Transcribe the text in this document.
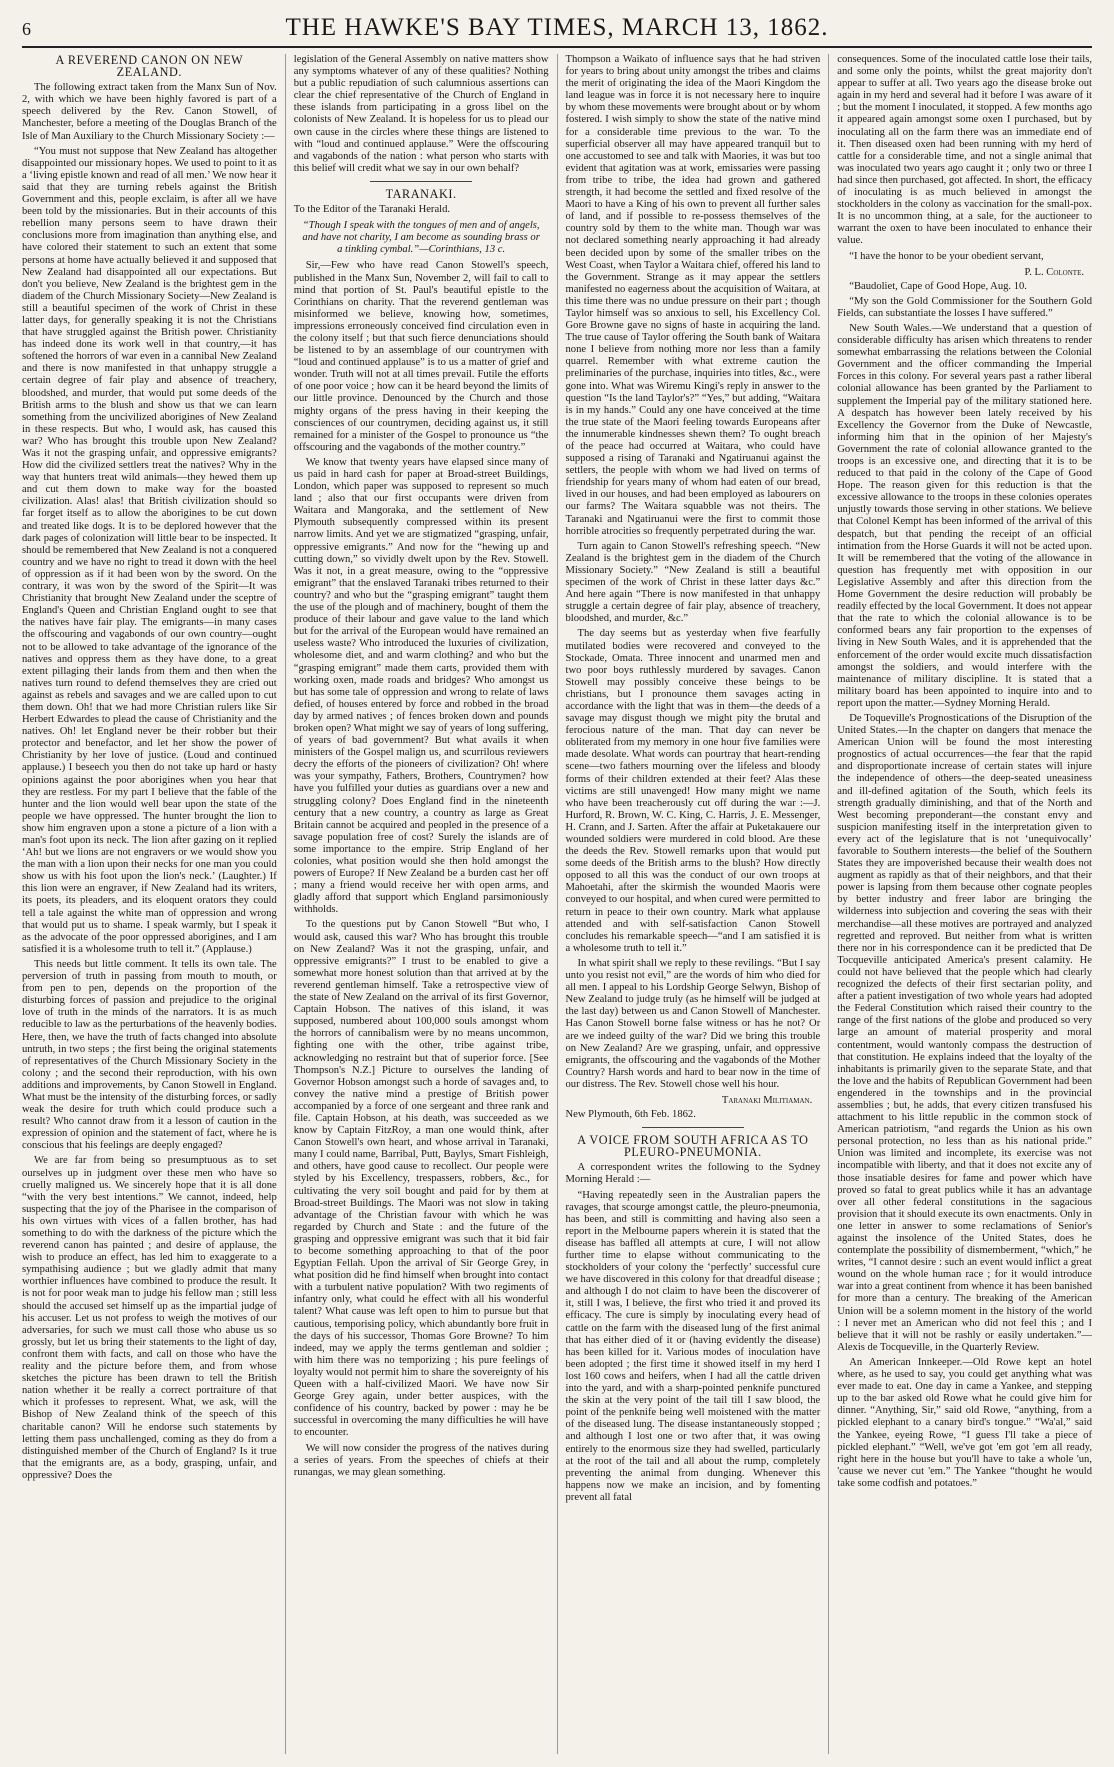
6	THE HAWKE'S BAY TIMES, MARCH 13, 1862.
A REVEREND CANON ON NEW ZEALAND.

The following extract taken from the Manx Sun of Nov. 2, with which we have been highly favored is part of a speech delivered by the Rev. Canon Stowell, of Manchester, before a meeting of the Douglas Branch of the Isle of Man Auxiliary to the Church Missionary Society :—

“You must not suppose that New Zealand has altogether disappointed our missionary hopes. We used to point to it as a ‘living epistle known and read of all men.’ We now hear it said that they are turning rebels against the British Government and this, people exclaim, is after all we have been told by the missionaries. But in their accounts of this rebellion many persons seem to have drawn their conclusions more from imagination than anything else, and have colored their statement to such an extent that some persons at home have actually believed it and supposed that New Zealand had disappointed all our expectations. But don't you believe, New Zealand is the brightest gem in the diadem of the Church Missionary Society—New Zealand is still a beautiful specimen of the work of Christ in these latter days, for generally speaking it is not the Christians that have struggled against the British power. Christianity has indeed done its work well in that country,—it has softened the horrors of war even in a cannibal New Zealand and there is now manifested in that unhappy struggle a certain degree of fair play and absence of treachery, bloodshed, and murder, that would put some deeds of the British arms to the blush and show us that we can learn something from the uncivilized aborigines of New Zealand in these respects. But who, I would ask, has caused this war? Who has brought this trouble upon New Zealand? Was it not the grasping unfair, and oppressive emigrants? How did the civilized settlers treat the natives? Why in the way that hunters treat wild animals—they hewed them up and cut them down to make way for the boasted civilization. Alas! alas! that British civilization should so far forget itself as to allow the aborigines to be cut down and treated like dogs. It is to be deplored however that the dark pages of colonization will little bear to be inspected. It should be remembered that New Zealand is not a conquered country and we have no right to tread it down with the heel of oppression as if it had been won by the sword. On the contrary, it was won by the sword of the Spirit—It was Christianity that brought New Zealand under the sceptre of England's Queen and Christian England ought to see that the natives have fair play. The emigrants—in many cases the offscouring and vagabonds of our own country—ought not to be allowed to take advantage of the ignorance of the natives and oppress them as they have done, to a great extent pillaging their lands from them and then when the natives turn round to defend themselves they are cried out against as rebels and savages and we are called upon to cut them down. Oh! that we had more Christian rulers like Sir Herbert Edwardes to plead the cause of Christianity and the natives. Oh! let England never be their robber but their protector and benefactor, and let her show the power of Christianity by her love of justice. (Loud and continued applause.) I beseech you then do not take up hard or hasty opinions against the poor aborigines when you hear that they are restless. For my part I believe that the fable of the hunter and the lion would well bear upon the state of the people we have oppressed. The hunter brought the lion to show him engraven upon a stone a picture of a lion with a man's foot upon its neck. The lion after gazing on it replied ‘Ah! but we lions are not engravers or we would show you the man with a lion upon their necks for one man you could show us with his foot upon the lion's neck.’ (Laughter.) If this lion were an engraver, if New Zealand had its writers, its poets, its pleaders, and its eloquent orators they could tell a tale against the white man of oppression and wrong that would put us to shame. I speak warmly, but I speak it as the advocate of the poor oppressed aborigines, and I am satisfied it is a wholesome truth to tell it.” (Applause.)

This needs but little comment. It tells its own tale. The perversion of truth in passing from mouth to mouth, or from pen to pen, depends on the proportion of the disturbing forces of passion and prejudice to the original love of truth in the minds of the narrators. It is as much reducible to law as the perturbations of the heavenly bodies. Here, then, we have the truth of facts changed into absolute untruth, in two steps ; the first being the original statements of representatives of the Church Missionary Society in the colony ; and the second their reproduction, with his own additions and improvements, by Canon Stowell in England. What must be the intensity of the disturbing forces, or sadly weak the desire for truth which could produce such a result? Who cannot draw from it a lesson of caution in the expression of opinion and the statement of fact, where he is conscious that his feelings are deeply engaged?

We are far from being so presumptuous as to set ourselves up in judgment over these men who have so cruelly maligned us. We sincerely hope that it is all done “with the very best intentions.” We cannot, indeed, help suspecting that the joy of the Pharisee in the comparison of his own virtues with vices of a fallen brother, has had something to do with the darkness of the picture which the reverend canon has painted ; and desire of applause, the wish to produce an effect, has led him to exaggerate to a sympathising audience ; but we gladly admit that many worthier influences have combined to produce the result. It is not for poor weak man to judge his fellow man ; still less should the accused set himself up as the impartial judge of his accuser. Let us not profess to weigh the motives of our adversaries, for such we must call those who abuse us so grossly, but let us bring their statements to the light of day, confront them with facts, and call on those who have the reality and the picture before them, and from whose sketches the picture has been drawn to tell the British nation whether it be really a correct portraiture of that which it professes to represent. What, we ask, will the Bishop of New Zealand think of the speech of this charitable canon? Will he endorse such statements by letting them pass unchallenged, coming as they do from a distinguished member of the Church of England? Is it true that the emigrants are, as a body, grasping, unfair, and oppressive? Does the

legislation of the General Assembly on native matters show any symptoms whatever of any of these qualities? Nothing but a public repudiation of such calumnious assertions can clear the chief representative of the Church of England in these islands from participating in a gross libel on the colonists of New Zealand. It is hopeless for us to plead our own cause in the circles where these things are listened to with “loud and continued applause.” Were the offscouring and vagabonds of the nation : what person who starts with this belief will credit what we say in our own behalf?

TARANAKI.
To the Editor of the Taranaki Herald.
“Though I speak with the tongues of men and of angels, and have not charity, I am become as sounding brass or a tinkling cymbal.”—Corinthians, 13 c.

Sir,—Few who have read Canon Stowell's speech, published in the Manx Sun, November 2, will fail to call to mind that portion of St. Paul's beautiful epistle to the Corinthians on charity. That the reverend gentleman was misinformed we believe, knowing how, sometimes, impressions erroneously conceived find circulation even in the colony itself ; but that such fierce denunciations should be listened to by an assemblage of our countrymen with “loud and continued applause” is to us a matter of grief and wonder. Truth will not at all times prevail. Futile the efforts of one poor voice ; how can it be heard beyond the limits of our little province. Denounced by the Church and those mighty organs of the press having in their keeping the consciences of our countrymen, deciding against us, it still remained for a minister of the Gospel to pronounce us “the offscouring and the vagabonds of the mother country.”

We know that twenty years have elapsed since many of us paid in hard cash for paper at Broad-street Buildings, London, which paper was supposed to represent so much land ; also that our first occupants were driven from Waitara and Mangoraka, and the settlement of New Plymouth subsequently compressed within its present narrow limits. And yet we are stigmatized “grasping, unfair, oppressive emigrants.” And now for the “hewing up and cutting down,” so vividly dwelt upon by the Rev. Stowell. Was it not, in a great measure, owing to the “oppressive emigrant” that the enslaved Taranaki tribes returned to their country? and who but the “grasping emigrant” taught them the use of the plough and of machinery, bought of them the produce of their labour and gave value to the land which but for the arrival of the European would have remained an useless waste? Who introduced the luxuries of civilization, wholesome diet, and and warm clothing? and who but the “grasping emigrant” made them carts, provided them with working oxen, made roads and bridges? Who amongst us but has some tale of oppression and wrong to relate of laws defied, of houses entered by force and robbed in the broad day by armed natives ; of fences broken down and pounds broken open? What might we say of years of long suffering, of years of bad government? But what avails it when ministers of the Gospel malign us, and scurrilous reviewers decry the efforts of the pioneers of civilization? Oh! where was your sympathy, Fathers, Brothers, Countrymen? how have you fulfilled your duties as guardians over a new and struggling colony? Does England find in the nineteenth century that a new country, a country as large as Great Britain cannot be acquired and peopled in the presence of a savage population free of cost? Surely the islands are of some importance to the empire. Strip England of her colonies, what position would she then hold amongst the powers of Europe? If New Zealand be a burden cast her off ; many a friend would receive her with open arms, and gladly afford that support which England parsimoniously withholds.

To the questions put by Canon Stowell “But who, I would ask, caused this war? Who has brought this trouble on New Zealand? Was it not the grasping, unfair, and oppressive emigrants?” I trust to be enabled to give a somewhat more honest solution than that arrived at by the reverend gentleman himself. Take a retrospective view of the state of New Zealand on the arrival of its first Governor, Captain Hobson. The natives of this island, it was supposed, numbered about 100,000 souls amongst whom the horrors of cannibalism were by no means uncommon, fighting one with the other, tribe against tribe, acknowledging no restraint but that of superior force. [See Thompson's N.Z.] Picture to ourselves the landing of Governor Hobson amongst such a horde of savages and, to convey the native mind a prestige of British power accompanied by a force of one sergeant and three rank and file. Captain Hobson, at his death, was succeeded as we know by Captain FitzRoy, a man one would think, after Canon Stowell's own heart, and whose arrival in Taranaki, many I could name, Barribal, Putt, Baylys, Smart Fishleigh, and others, have good cause to recollect. Our people were styled by his Excellency, trespassers, robbers, &c., for cultivating the very soil bought and paid for by them at Broad-street Buildings. The Maori was not slow in taking advantage of the Christian favour with which he was regarded by Church and State : and the future of the grasping and oppressive emigrant was such that it bid fair to become something approaching to that of the poor Egyptian Fellah. Upon the arrival of Sir George Grey, in what position did he find himself when brought into contact with a turbulent native population? With two regiments of infantry only, what could he effect with all his wonderful talent? What cause was left open to him to pursue but that cautious, temporising policy, which abundantly bore fruit in the days of his successor, Thomas Gore Browne? To him indeed, may we apply the terms gentleman and soldier ; with him there was no temporizing ; his pure feelings of loyalty would not permit him to share the sovereignty of his Queen with a half-civilized Maori. We have now Sir George Grey again, under better auspices, with the confidence of his country, backed by power : may he be successful in overcoming the many difficulties he will have to encounter.

We will now consider the progress of the natives during a series of years. From the speeches of chiefs at their runangas, we may glean something.

Thompson a Waikato of influence says that he had striven for years to bring about unity amongst the tribes and claims the merit of originating the idea of the Maori Kingdom the land league was in force it is not necessary here to inquire by whom these movements were brought about or by whom fostered. I wish simply to show the state of the native mind for a considerable time previous to the war. To the superficial observer all may have appeared tranquil but to one accustomed to see and talk with Maories, it was but too evident that agitation was at work, emissaries were passing from tribe to tribe, the idea had grown and gathered strength, it had become the settled and fixed resolve of the Maori to have a King of his own to prevent all further sales of land, and if possible to re-possess themselves of the country sold by them to the white man. Though war was not declared something nearly approaching it had already been decided upon by some of the smaller tribes on the West Coast, when Taylor a Waitara chief, offered his land to the Government. Strange as it may appear the settlers manifested no eagerness about the acquisition of Waitara, at this time there was no undue pressure on their part ; though Taylor himself was so anxious to sell, his Excellency Col. Gore Browne gave no signs of haste in acquiring the land. The true cause of Taylor offering the South bank of Waitara none I believe from nothing more nor less than a family quarrel. Remember with what extreme caution the preliminaries of the purchase, inquiries into titles, &c., were gone into. What was Wiremu Kingi's reply in answer to the question “Is the land Taylor's?” “Yes,” but adding, “Waitara is in my hands.” Could any one have conceived at the time the true state of the Maori feeling towards Europeans after the innumerable kindnesses shewn them? To ought breach of the peace had occurred at Waitara, who could have supposed a rising of Taranaki and Ngatiruanui against the settlers, the people with whom we had lived on terms of friendship for years many of whom had eaten of our bread, lived in our houses, and had been employed as labourers on our farms? The Waitara squabble was not theirs. The Taranaki and Ngatiruanui were the first to commit those horrible atrocities so frequently perpetrated during the war.

Turn again to Canon Stowell's refreshing speech. “New Zealand is the brightest gem in the diadem of the Church Missionary Society.” “New Zealand is still a beautiful specimen of the work of Christ in these latter days &c.” And here again “There is now manifested in that unhappy struggle a certain degree of fair play, absence of treachery, bloodshed, and murder, &c.”

The day seems but as yesterday when five fearfully mutilated bodies were recovered and conveyed to the Stockade, Omata. Three innocent and unarmed men and two poor boys ruthlessly murdered by savages. Canon Stowell may possibly conceive these beings to be christians, but I pronounce them savages acting in accordance with the light that was in them—the deeds of a savage may disgust though we might pity the brutal and ferocious nature of the man. That day can never be obliterated from my memory in one hour five families were made desolate. What words can pourtray that heart-rending scene—two fathers mourning over the lifeless and bloody forms of their children extended at their feet? Alas these victims are still unavenged! How many might we name who have been treacherously cut off during the war :—J. Hurford, R. Brown, W. C. King, C. Harris, J. E. Messenger, H. Crann, and J. Sarten. After the affair at Puketakauere our wounded soldiers were murdered in cold blood. Are these the deeds the Rev. Stowell remarks upon that would put some deeds of the British arms to the blush? How directly opposed to all this was the conduct of our own troops at Mahoetahi, after the skirmish the wounded Maoris were conveyed to our hospital, and when cured were permitted to return in peace to their own country. Mark what applause attended and with self-satisfaction Canon Stowell concludes his remarkable speech—“and I am satisfied it is a wholesome truth to tell it.”

In what spirit shall we reply to these revilings. “But I say unto you resist not evil,” are the words of him who died for all men. I appeal to his Lordship George Selwyn, Bishop of New Zealand to judge truly (as he himself will be judged at the last day) between us and Canon Stowell of Manchester. Has Canon Stowell borne false witness or has he not? Or are we indeed guilty of the war? Did we bring this trouble on New Zealand? Are we grasping, unfair, and oppressive emigrants, the offscouring and the vagabonds of the Mother Country? Harsh words and hard to bear now in the time of our distress. The Rev. Stowell chose well his hour.

Taranaki Militiaman.
New Plymouth, 6th Feb. 1862.
A VOICE FROM SOUTH AFRICA AS TO PLEURO-PNEUMONIA.

A correspondent writes the following to the Sydney Morning Herald :—

“Having repeatedly seen in the Australian papers the ravages, that scourge amongst cattle, the pleuro-pneumonia, has been, and still is committing and having also seen a report in the Melbourne papers wherein it is stated that the disease has baffled all attempts at cure, I will not allow further time to elapse without communicating to the stockholders of your colony the ‘perfectly’ successful cure we have discovered in this colony for that dreadful disease ; and although I do not claim to have been the discoverer of it, still I was, I believe, the first who tried it and proved its efficacy. The cure is simply by inoculating every head of cattle on the farm with the diseased lung of the first animal that has either died of it or (having evidently the disease) has been killed for it. Various modes of inoculation have been adopted ; the first time it showed itself in my herd I lost 160 cows and heifers, when I had all the cattle driven into the yard, and with a sharp-pointed penknife punctured the skin at the very point of the tail till I saw blood, the point of the penknife being well moistened with the matter of the diseased lung. The disease instantaneously stopped ; and although I lost one or two after that, it was owing entirely to the enormous size they had swelled, particularly at the root of the tail and all about the rump, completely preventing the animal from dunging. Whenever this happens now we make an incision, and by fomenting prevent all fatal

consequences. Some of the inoculated cattle lose their tails, and some only the points, whilst the great majority don't appear to suffer at all. Two years ago the disease broke out again in my herd and several had it before I was aware of it ; but the moment I inoculated, it stopped. A few months ago it appeared again amongst some oxen I purchased, but by inoculating all on the farm there was an immediate end of it. Then diseased oxen had been running with my herd of cattle for a considerable time, and not a single animal that was inoculated two years ago caught it ; only two or three I had since then purchased, got affected. In short, the efficacy of inoculating is as much believed in amongst the stockholders in the colony as vaccination for the small-pox. It is no uncommon thing, at a sale, for the auctioneer to warrant the oxen to have been inoculated to enhance their value.

“I have the honor to be your obedient servant,

P. L. Colonte.

“Baudoliet, Cape of Good Hope, Aug. 10.

“My son the Gold Commissioner for the Southern Gold Fields, can substantiate the losses I have suffered.”

New South Wales.—We understand that a question of considerable difficulty has arisen which threatens to render somewhat embarrassing the relations between the Colonial Government and the officer commanding the Imperial Forces in this colony. For several years past a rather liberal colonial allowance has been granted by the Parliament to supplement the Imperial pay of the military stationed here. A despatch has however been lately received by his Excellency the Governor from the Duke of Newcastle, informing him that in the opinion of her Majesty's Government the rate of colonial allowance granted to the troops is an excessive one, and directing that it is to be reduced to that paid in the colony of the Cape of Good Hope. The reason given for this reduction is that the excessive allowance to the troops in these colonies operates unjustly towards those serving in other stations. We believe that Colonel Kempt has been informed of the arrival of this despatch, but that pending the receipt of an official intimation from the Horse Guards it will not be acted upon. It will be remembered that the voting of the allowance in question has frequently met with opposition in our Legislative Assembly and after this direction from the Home Government the desire reduction will probably be readily effected by the local Government. It does not appear that the rate to which the colonial allowance is to be conformed bears any fair proportion to the expenses of living in New South Wales, and it is apprehended that the enforcement of the order would excite much dissatisfaction amongst the soldiers, and would interfere with the maintenance of military discipline. It is stated that a military board has been appointed to inquire into and to report upon the matter.—Sydney Morning Herald.

De Toqueville's Prognostications of the Disruption of the United States.—In the chapter on dangers that menace the American Union will be found the most interesting prognostics of actual occurrences—the fear that the rapid and disproportionate increase of certain states will injure the independence of others—the deep-seated uneasiness and ill-defined agitation of the South, which feels its strength gradually diminishing, and that of the North and West becoming preponderant—the constant envy and suspicion manifesting itself in the interpretation given to every act of the legislature that is not ‘unequivocally’ favorable to Southern interests—the belief of the Southern States they are impoverished because their wealth does not augment as rapidly as that of their neighbors, and that their power is lapsing from them because other cognate peoples by better industry and freer labor are bringing the wilderness into subjection and covering the seas with their merchandise—all these motives are portrayed and analyzed regretted and reproved. But neither from what is written there nor in his correspondence can it be predicted that De Tocqueville anticipated America's present calamity. He could not have believed that the people which had clearly recognized the defects of their first sectarian polity, and after a patient investigation of two whole years had adopted the Federal Constitution which raised their country to the range of the first nations of the globe and produced so very large an amount of material prosperity and moral contentment, would wantonly compass the destruction of that constitution. He explains indeed that the loyalty of the inhabitants is primarily given to the separate State, and that the love and the habits of Republican Government had been engendered in the townships and in the provincial assemblies ; but, he adds, that every citizen transfused his attachment to his little republic in the common stock of American patriotism, “and regards the Union as his own personal protection, no less than as his national pride.” Union was limited and incomplete, its exercise was not incompatible with liberty, and that it does not excite any of those insatiable desires for fame and power which have proved so fatal to great publics while it has an advantage over all other federal constitutions in the sagacious provision that it should execute its own enactments. Only in one letter in answer to some reclamations of Senior's against the insolence of the United States, does he contemplate the possibility of dismemberment, “which,” he writes, “I cannot desire : such an event would inflict a great wound on the whole human race ; for it would introduce war into a great continent from whence it has been banished for more than a century. The breaking of the American Union will be a solemn moment in the history of the world : I never met an American who did not feel this ; and I believe that it will not be rashly or easily undertaken.”—Alexis de Tocqueville, in the Quarterly Review.

An American Innkeeper.—Old Rowe kept an hotel where, as he used to say, you could get anything what was ever made to eat. One day in came a Yankee, and stepping up to the bar asked old Rowe what he could give him for dinner. “Anything, Sir,” said old Rowe, “anything, from a pickled elephant to a canary bird's tongue.” “Wa'al,” said the Yankee, eyeing Rowe, “I guess I'll take a piece of pickled elephant.” “Well, we've got 'em got 'em all ready, right here in the house but you'll have to take a whole 'un, 'cause we never cut 'em.” The Yankee “thought he would take some codfish and potatoes.”
